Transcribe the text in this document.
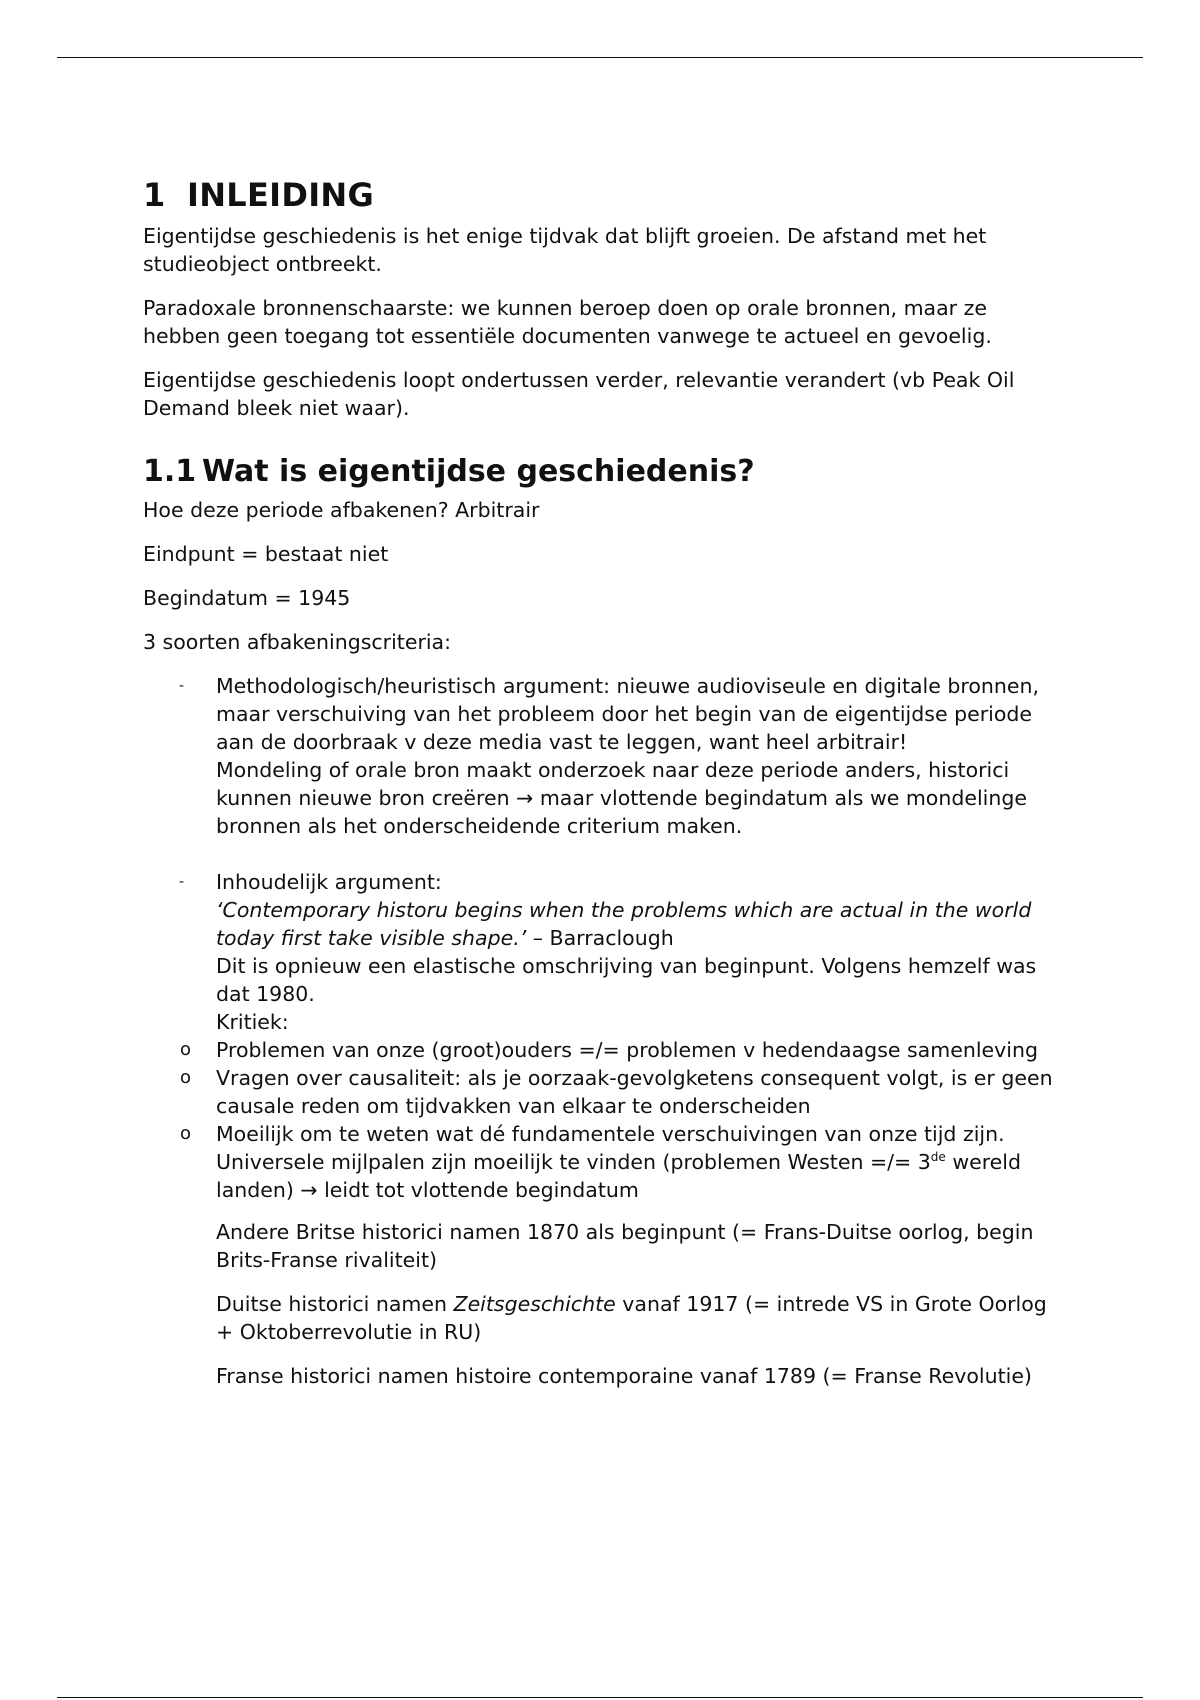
1 INLEIDING

Eigentijdse geschiedenis is het enige tijdvak dat blijft groeien. De afstand met het studieobject ontbreekt.

Paradoxale bronnenschaarste: we kunnen beroep doen op orale bronnen, maar ze hebben geen toegang tot essentiële documenten vanwege te actueel en gevoelig.

Eigentijdse geschiedenis loopt ondertussen verder, relevantie verandert (vb Peak Oil Demand bleek niet waar).

1.1 Wat is eigentijdse geschiedenis?

Hoe deze periode afbakenen? Arbitrair

Eindpunt = bestaat niet

Begindatum = 1945

3 soorten afbakeningscriteria:

- Methodologisch/heuristisch argument: nieuwe audioviseule en digitale bronnen, maar verschuiving van het probleem door het begin van de eigentijdse periode aan de doorbraak v deze media vast te leggen, want heel arbitrair!
Mondeling of orale bron maakt onderzoek naar deze periode anders, historici kunnen nieuwe bron creëren → maar vlottende begindatum als we mondelinge bronnen als het onderscheidende criterium maken.
- Inhoudelijk argument:
‘Contemporary historu begins when the problems which are actual in the world today first take visible shape.’ – Barraclough
Dit is opnieuw een elastische omschrijving van beginpunt. Volgens hemzelf was dat 1980.
Kritiek:
o Problemen van onze (groot)ouders =/= problemen v hedendaagse samenleving
o Vragen over causaliteit: als je oorzaak-gevolgketens consequent volgt, is er geen causale reden om tijdvakken van elkaar te onderscheiden
o Moeilijk om te weten wat dé fundamentele verschuivingen van onze tijd zijn. Universele mijlpalen zijn moeilijk te vinden (problemen Westen =/= 3de wereld landen) → leidt tot vlottende begindatum

Andere Britse historici namen 1870 als beginpunt (= Frans-Duitse oorlog, begin Brits-Franse rivaliteit)

Duitse historici namen Zeitsgeschichte vanaf 1917 (= intrede VS in Grote Oorlog + Oktoberrevolutie in RU)

Franse historici namen histoire contemporaine vanaf 1789 (= Franse Revolutie)
